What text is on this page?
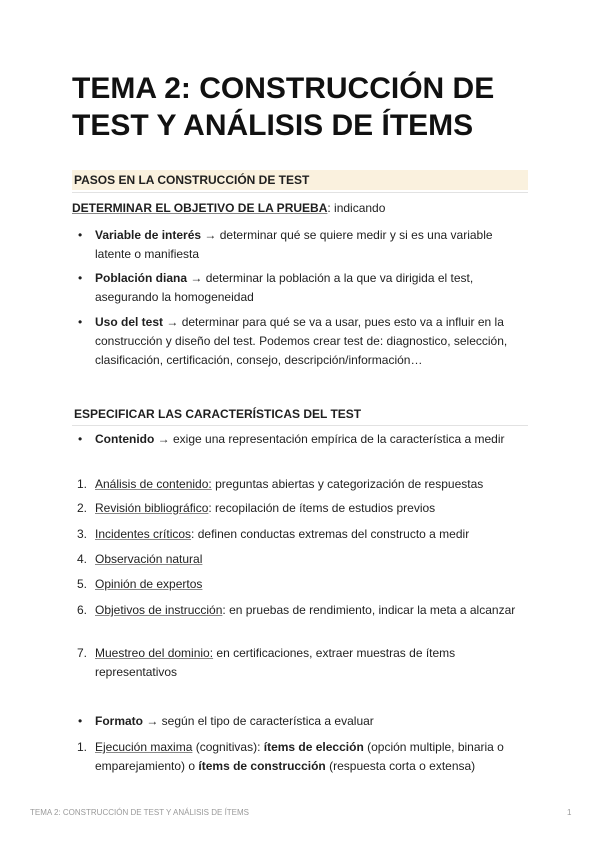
TEMA 2: CONSTRUCCIÓN DE TEST Y ANÁLISIS DE ÍTEMS
PASOS EN LA CONSTRUCCIÓN DE TEST
DETERMINAR EL OBJETIVO DE LA PRUEBA: indicando
•	Variable de interés → determinar qué se quiere medir y si es una variable latente o manifiesta
•	Población diana → determinar la población a la que va dirigida el test, asegurando la homogeneidad
•	Uso del test → determinar para qué se va a usar, pues esto va a influir en la construcción y diseño del test. Podemos crear test de: diagnostico, selección, clasificación, certificación, consejo, descripción/información…
ESPECIFICAR LAS CARACTERÍSTICAS DEL TEST
•	Contenido → exige una representación empírica de la característica a medir
1. Análisis de contenido: preguntas abiertas y categorización de respuestas
2. Revisión bibliográfico: recopilación de ítems de estudios previos
3. Incidentes críticos: definen conductas extremas del constructo a medir
4. Observación natural
5. Opinión de expertos
6. Objetivos de instrucción: en pruebas de rendimiento, indicar la meta a alcanzar
7. Muestreo del dominio: en certificaciones, extraer muestras de ítems representativos
•	Formato → según el tipo de característica a evaluar
1. Ejecución maxima (cognitivas): ítems de elección (opción multiple, binaria o emparejamiento) o ítems de construcción (respuesta corta o extensa)
TEMA 2: CONSTRUCCIÓN DE TEST Y ANÁLISIS DE ÍTEMS	1
